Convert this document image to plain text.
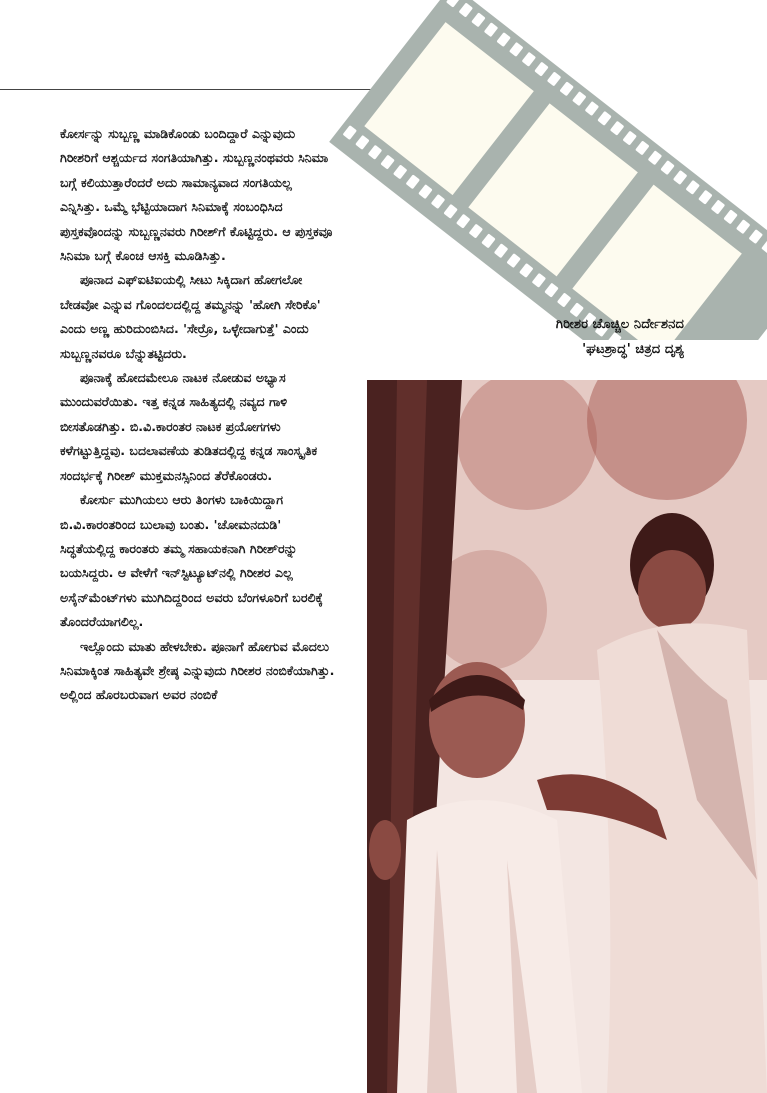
ಕೋರ್ಸನ್ನು ಸುಬ್ಬಣ್ಣ ಮಾಡಿಕೊಂಡು ಬಂದಿದ್ದಾರೆ ಎನ್ನುವುದು ಗಿರೀಶರಿಗೆ ಆಶ್ಚರ್ಯದ ಸಂಗತಿಯಾಗಿತ್ತು. ಸುಬ್ಬಣ್ಣನಂಥವರು ಸಿನಿಮಾ ಬಗ್ಗೆ ಕಲಿಯುತ್ತಾರೆಂದರೆ ಅದು ಸಾಮಾನ್ಯವಾದ ಸಂಗತಿಯಲ್ಲ ಎನ್ನಿಸಿತ್ತು. ಒಮ್ಮೆ ಭೆಟ್ಟಿಯಾದಾಗ ಸಿನಿಮಾಕ್ಕೆ ಸಂಬಂಧಿಸಿದ ಪುಸ್ತಕವೊಂದನ್ನು ಸುಬ್ಬಣ್ಣನವರು ಗಿರೀಶ್‌ಗೆ ಕೊಟ್ಟಿದ್ದರು. ಆ ಪುಸ್ತಕವೂ ಸಿನಿಮಾ ಬಗ್ಗೆ ಕೊಂಚ ಆಸಕ್ತಿ ಮೂಡಿಸಿತ್ತು.

ಪೂನಾದ ಎಫ್‌ಐಟಿಐಯಲ್ಲಿ ಸೀಟು ಸಿಕ್ಕಿದಾಗ ಹೋಗಲೋ ಬೇಡವೋ ಎನ್ನುವ ಗೊಂದಲದಲ್ಲಿದ್ದ ತಮ್ಮನನ್ನು 'ಹೋಗಿ ಸೇರಿಕೊ' ಎಂದು ಅಣ್ಣ ಹುರಿದುಂಬಿಸಿದ. 'ಸೇರ್ರೊ, ಒಳ್ಳೇದಾಗುತ್ತೆ' ಎಂದು ಸುಬ್ಬಣ್ಣನವರೂ ಬೆನ್ನುತಟ್ಟಿದರು.

ಪೂನಾಕ್ಕೆ ಹೋದಮೇಲೂ ನಾಟಕ ನೋಡುವ ಅಭ್ಯಾಸ ಮುಂದುವರೆಯಿತು. ಇತ್ತ ಕನ್ನಡ ಸಾಹಿತ್ಯದಲ್ಲಿ ನವ್ಯದ ಗಾಳಿ ಬೀಸತೊಡಗಿತ್ತು. ಬಿ.ವಿ.ಕಾರಂತರ ನಾಟಕ ಪ್ರಯೋಗಗಳು ಕಳೆಗಟ್ಟುತ್ತಿದ್ದವು. ಬದಲಾವಣೆಯ ತುಡಿತದಲ್ಲಿದ್ದ ಕನ್ನಡ ಸಾಂಸ್ಕೃತಿಕ ಸಂದರ್ಭಕ್ಕೆ ಗಿರೀಶ್ ಮುಕ್ತಮನಸ್ಸಿನಿಂದ ತೆರೆಕೊಂಡರು.

ಕೋರ್ಸು ಮುಗಿಯಲು ಆರು ತಿಂಗಳು ಬಾಕಿಯಿದ್ದಾಗ ಬಿ.ವಿ.ಕಾರಂತರಿಂದ ಬುಲಾವು ಬಂತು. 'ಚೋಮನದುಡಿ' ಸಿದ್ಧತೆಯಲ್ಲಿದ್ದ ಕಾರಂತರು ತಮ್ಮ ಸಹಾಯಕನಾಗಿ ಗಿರೀಶ್‌ರನ್ನು ಬಯಸಿದ್ದರು. ಆ ವೇಳೆಗೆ ಇನ್‌ಸ್ಟಿಟ್ಯೂಟ್‌ನಲ್ಲಿ ಗಿರೀಶರ ಎಲ್ಲ ಅಸೈನ್‌ಮೆಂಟ್‌ಗಳು ಮುಗಿದಿದ್ದರಿಂದ ಅವರು ಬೆಂಗಳೂರಿಗೆ ಬರಲಿಕ್ಕೆ ತೊಂದರೆಯಾಗಲಿಲ್ಲ.

ಇಲ್ಲೊಂದು ಮಾತು ಹೇಳಬೇಕು. ಪೂನಾಗೆ ಹೋಗುವ ಮೊದಲು ಸಿನಿಮಾಕ್ಕಿಂತ ಸಾಹಿತ್ಯವೇ ಶ್ರೇಷ್ಠ ಎನ್ನುವುದು ಗಿರೀಶರ ನಂಬಿಕೆಯಾಗಿತ್ತು. ಅಲ್ಲಿಂದ ಹೊರಬರುವಾಗ ಅವರ ನಂಬಿಕೆ

ಗಿರೀಶರ ಚೊಚ್ಚಿಲ ನಿರ್ದೇಶನದ
'ಘಟಶ್ರಾದ್ಧ' ಚಿತ್ರದ ದೃಶ್ಯ
